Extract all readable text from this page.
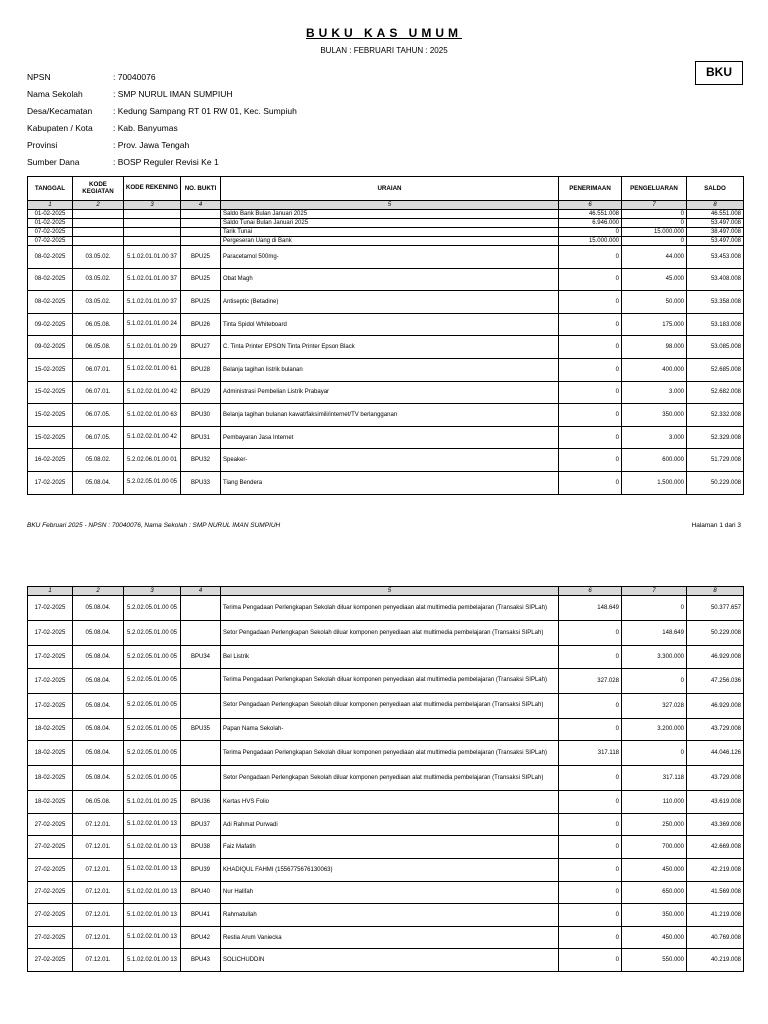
BUKU KAS UMUM
BULAN : FEBRUARI TAHUN : 2025
BKU
NPSN	: 70040076
Nama Sekolah	: SMP NURUL IMAN SUMPIUH
Desa/Kecamatan	: Kedung Sampang RT 01 RW 01, Kec. Sumpiuh
Kabupaten / Kota	: Kab. Banyumas
Provinsi	: Prov. Jawa Tengah
Sumber Dana	: BOSP Reguler Revisi Ke 1
TANGGAL	KODE KEGIATAN	KODE REKENING	NO. BUKTI	URAIAN	PENERIMAAN	PENGELUARAN	SALDO
1	2	3	4	5	6	7	8
01-02-2025				Saldo Bank Bulan Januari 2025	46.551.008	0	46.551.008
01-02-2025				Saldo Tunai Bulan Januari 2025	6.946.000	0	53.497.008
07-02-2025				Tarik Tunai	0	15.000.000	38.497.008
07-02-2025				Pergeseran Uang di Bank	15.000.000	0	53.497.008
08-02-2025	03.05.02.	5.1.02.01.01.00 37	BPU25	Paracetamol 500mg-	0	44.000	53.453.008
08-02-2025	03.05.02.	5.1.02.01.01.00 37	BPU25	Obat Magh	0	45.000	53.408.008
08-02-2025	03.05.02.	5.1.02.01.01.00 37	BPU25	Antiseptic (Betadine)	0	50.000	53.358.008
09-02-2025	06.05.08.	5.1.02.01.01.00 24	BPU26	Tinta Spidol Whiteboard	0	175.000	53.183.008
09-02-2025	06.05.08.	5.1.02.01.01.00 29	BPU27	C. Tinta Printer EPSON Tinta Printer Epson Black	0	98.000	53.085.008
15-02-2025	06.07.01.	5.1.02.02.01.00 61	BPU28	Belanja tagihan listrik bulanan	0	400.000	52.685.008
15-02-2025	06.07.01.	5.1.02.02.01.00 42	BPU29	Administrasi Pembelian Listrik Prabayar	0	3.000	52.682.008
15-02-2025	06.07.05.	5.1.02.02.01.00 63	BPU30	Belanja tagihan bulanan kawat/faksimili/internet/TV berlangganan	0	350.000	52.332.008
15-02-2025	06.07.05.	5.1.02.02.01.00 42	BPU31	Pembayaran Jasa Internet	0	3.000	52.329.008
16-02-2025	05.08.02.	5.2.02.06.01.00 01	BPU32	Speaker-	0	600.000	51.729.008
17-02-2025	05.08.04.	5.2.02.05.01.00 05	BPU33	Tiang Bendera	0	1.500.000	50.229.008
BKU Februari 2025 - NPSN : 70040076, Nama Sekolah : SMP NURUL IMAN SUMPIUH	Halaman 1 dari 3
1	2	3	4	5	6	7	8
17-02-2025	05.08.04.	5.2.02.05.01.00 05		Terima Pengadaan Perlengkapan Sekolah diluar komponen penyediaan alat multimedia pembelajaran (Transaksi SIPLah)	148.649	0	50.377.657
17-02-2025	05.08.04.	5.2.02.05.01.00 05		Setor Pengadaan Perlengkapan Sekolah diluar komponen penyediaan alat multimedia pembelajaran (Transaksi SIPLah)	0	148.649	50.229.008
17-02-2025	05.08.04.	5.2.02.05.01.00 05	BPU34	Bel Listrik	0	3.300.000	46.929.008
17-02-2025	05.08.04.	5.2.02.05.01.00 05		Terima Pengadaan Perlengkapan Sekolah diluar komponen penyediaan alat multimedia pembelajaran (Transaksi SIPLah)	327.028	0	47.256.036
17-02-2025	05.08.04.	5.2.02.05.01.00 05		Setor Pengadaan Perlengkapan Sekolah diluar komponen penyediaan alat multimedia pembelajaran (Transaksi SIPLah)	0	327.028	46.929.008
18-02-2025	05.08.04.	5.2.02.05.01.00 05	BPU35	Papan Nama Sekolah-	0	3.200.000	43.729.008
18-02-2025	05.08.04.	5.2.02.05.01.00 05		Terima Pengadaan Perlengkapan Sekolah diluar komponen penyediaan alat multimedia pembelajaran (Transaksi SIPLah)	317.118	0	44.046.126
18-02-2025	05.08.04.	5.2.02.05.01.00 05		Setor Pengadaan Perlengkapan Sekolah diluar komponen penyediaan alat multimedia pembelajaran (Transaksi SIPLah)	0	317.118	43.729.008
18-02-2025	06.05.08.	5.1.02.01.01.00 25	BPU36	Kertas HVS Folio	0	110.000	43.619.008
27-02-2025	07.12.01.	5.1.02.02.01.00 13	BPU37	Adi Rahmat Purwadi	0	250.000	43.369.008
27-02-2025	07.12.01.	5.1.02.02.01.00 13	BPU38	Faiz Mafatih	0	700.000	42.669.008
27-02-2025	07.12.01.	5.1.02.02.01.00 13	BPU39	KHADIQUL FAHMI (1556775676130063)	0	450.000	42.219.008
27-02-2025	07.12.01.	5.1.02.02.01.00 13	BPU40	Nur Halifah	0	650.000	41.569.008
27-02-2025	07.12.01.	5.1.02.02.01.00 13	BPU41	Rahmatullah	0	350.000	41.219.008
27-02-2025	07.12.01.	5.1.02.02.01.00 13	BPU42	Restia Arum Vaniecka	0	450.000	40.769.008
27-02-2025	07.12.01.	5.1.02.02.01.00 13	BPU43	SOLICHUDDIN	0	550.000	40.219.008
